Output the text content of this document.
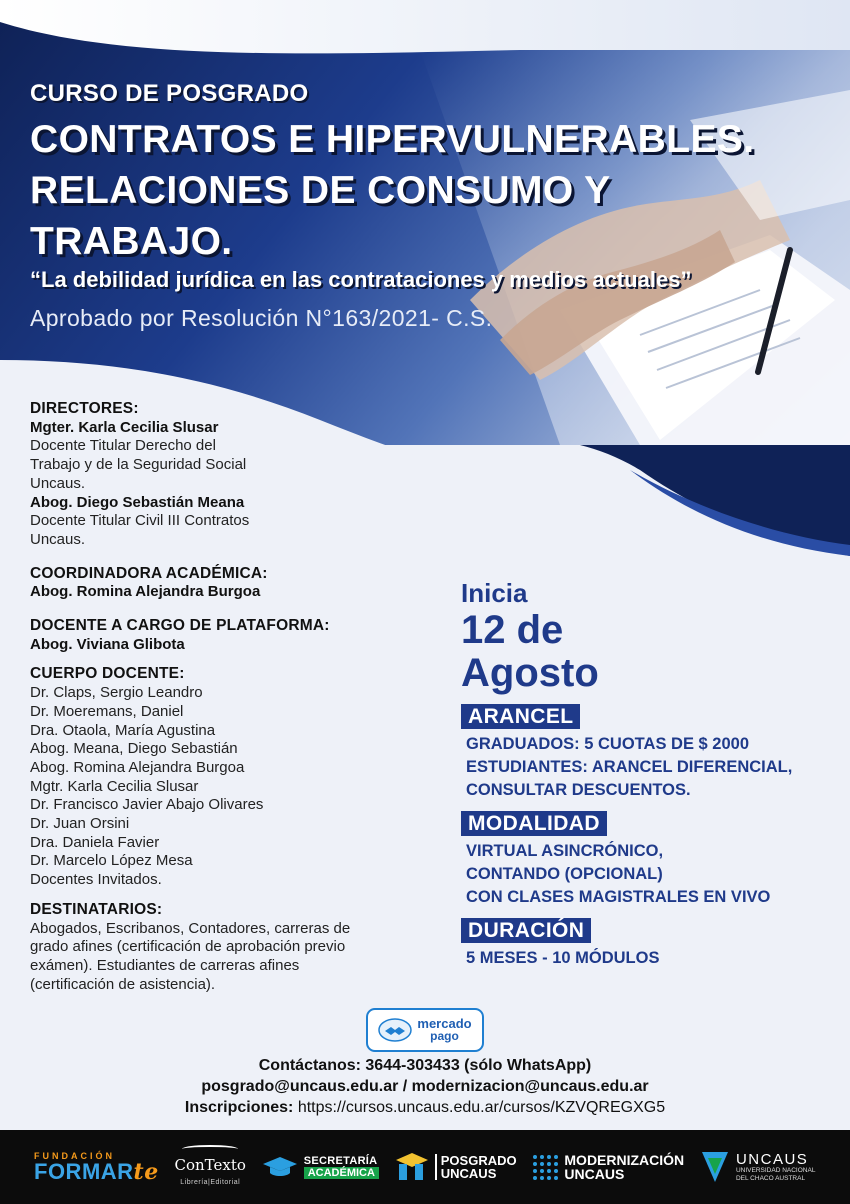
CURSO DE POSGRADO
CONTRATOS E HIPERVULNERABLES.
RELACIONES DE CONSUMO Y
TRABAJO.
“La debilidad jurídica en las contrataciones y medios actuales”
Aprobado por Resolución N°163/2021- C.S.
DIRECTORES:
Mgter. Karla Cecilia Slusar
Docente Titular Derecho del
Trabajo y de la Seguridad Social
Uncaus.
Abog. Diego Sebastián Meana
Docente Titular Civil III Contratos
Uncaus.
COORDINADORA ACADÉMICA:
Abog. Romina Alejandra Burgoa
DOCENTE A CARGO DE PLATAFORMA:
Abog. Viviana Glibota
CUERPO DOCENTE:
Dr. Claps, Sergio Leandro
Dr. Moeremans, Daniel
Dra. Otaola, María Agustina
Abog. Meana, Diego Sebastián
Abog. Romina Alejandra Burgoa
Mgtr. Karla Cecilia Slusar
Dr. Francisco Javier Abajo Olivares
Dr. Juan Orsini
Dra. Daniela Favier
Dr. Marcelo López Mesa
Docentes Invitados.
DESTINATARIOS:
Abogados, Escribanos, Contadores, carreras de
grado afines (certificación de aprobación previo
exámen). Estudiantes de carreras afines
(certificación de asistencia).
Inicia
12 de
Agosto
ARANCEL
GRADUADOS: 5 CUOTAS DE $ 2000
ESTUDIANTES: ARANCEL DIFERENCIAL,
CONSULTAR DESCUENTOS.
MODALIDAD
VIRTUAL ASINCRÓNICO,
CONTANDO (OPCIONAL)
CON CLASES MAGISTRALES EN VIVO
DURACIÓN
5 MESES - 10 MÓDULOS
mercado
pago
Contáctanos: 3644-303433 (sólo WhatsApp)
posgrado@uncaus.edu.ar / modernizacion@uncaus.edu.ar
Inscripciones: https://cursos.uncaus.edu.ar/cursos/KZVQREGXG5
FUNDACIÓN
FORMARte ConTexto
Librería|Editorial
SECRETARÍA
ACADÉMICA
POSGRADO
UNCAUS
MODERNIZACIÓN
UNCAUS
UNCAUS
UNIVERSIDAD NACIONAL DEL CHACO AUSTRAL
